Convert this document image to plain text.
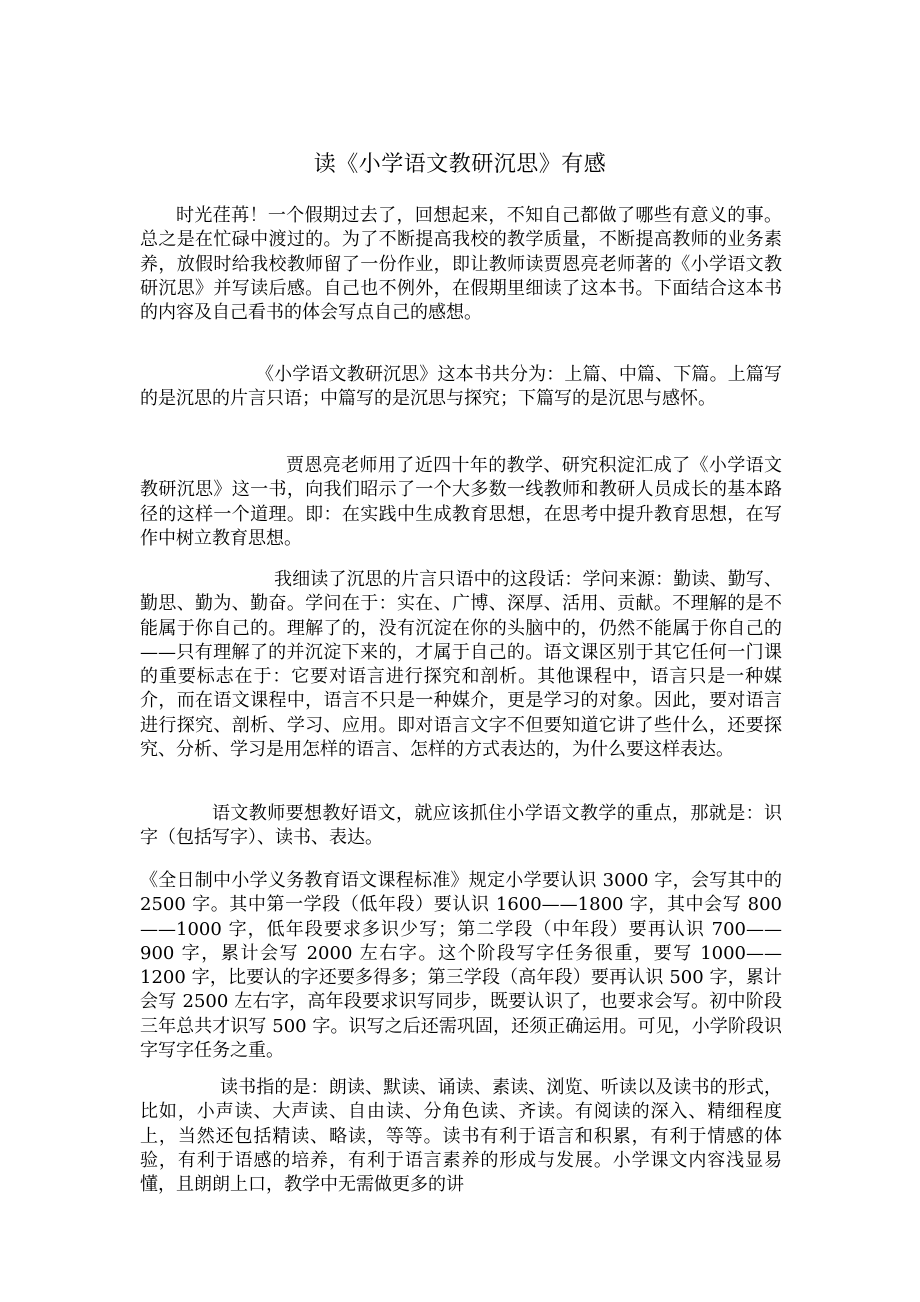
读《小学语文教研沉思》有感

时光荏苒！一个假期过去了，回想起来，不知自己都做了哪些有意义的事。总之是在忙碌中渡过的。为了不断提高我校的教学质量，不断提高教师的业务素养，放假时给我校教师留了一份作业，即让教师读贾恩亮老师著的《小学语文教研沉思》并写读后感。自己也不例外，在假期里细读了这本书。下面结合这本书的内容及自己看书的体会写点自己的感想。

《小学语文教研沉思》这本书共分为：上篇、中篇、下篇。上篇写的是沉思的片言只语；中篇写的是沉思与探究；下篇写的是沉思与感怀。

贾恩亮老师用了近四十年的教学、研究积淀汇成了《小学语文教研沉思》这一书，向我们昭示了一个大多数一线教师和教研人员成长的基本路径的这样一个道理。即：在实践中生成教育思想，在思考中提升教育思想，在写作中树立教育思想。

我细读了沉思的片言只语中的这段话：学问来源：勤读、勤写、勤思、勤为、勤奋。学问在于：实在、广博、深厚、活用、贡献。不理解的是不能属于你自己的。理解了的，没有沉淀在你的头脑中的，仍然不能属于你自己的——只有理解了的并沉淀下来的，才属于自己的。语文课区别于其它任何一门课的重要标志在于：它要对语言进行探究和剖析。其他课程中，语言只是一种媒介，而在语文课程中，语言不只是一种媒介，更是学习的对象。因此，要对语言进行探究、剖析、学习、应用。即对语言文字不但要知道它讲了些什么，还要探究、分析、学习是用怎样的语言、怎样的方式表达的，为什么要这样表达。

语文教师要想教好语文，就应该抓住小学语文教学的重点，那就是：识字（包括写字）、读书、表达。

《全日制中小学义务教育语文课程标准》规定小学要认识 3000 字，会写其中的 2500 字。其中第一学段（低年段）要认识 1600——1800 字，其中会写 800——1000 字，低年段要求多识少写；第二学段（中年段）要再认识 700——900 字，累计会写 2000 左右字。这个阶段写字任务很重，要写 1000——1200 字，比要认的字还要多得多；第三学段（高年段）要再认识 500 字，累计会写 2500 左右字，高年段要求识写同步，既要认识了，也要求会写。初中阶段三年总共才识写 500 字。识写之后还需巩固，还须正确运用。可见，小学阶段识字写字任务之重。

读书指的是：朗读、默读、诵读、素读、浏览、听读以及读书的形式，比如，小声读、大声读、自由读、分角色读、齐读。有阅读的深入、精细程度上，当然还包括精读、略读，等等。读书有利于语言和积累，有利于情感的体验，有利于语感的培养，有利于语言素养的形成与发展。小学课文内容浅显易懂，且朗朗上口，教学中无需做更多的讲
